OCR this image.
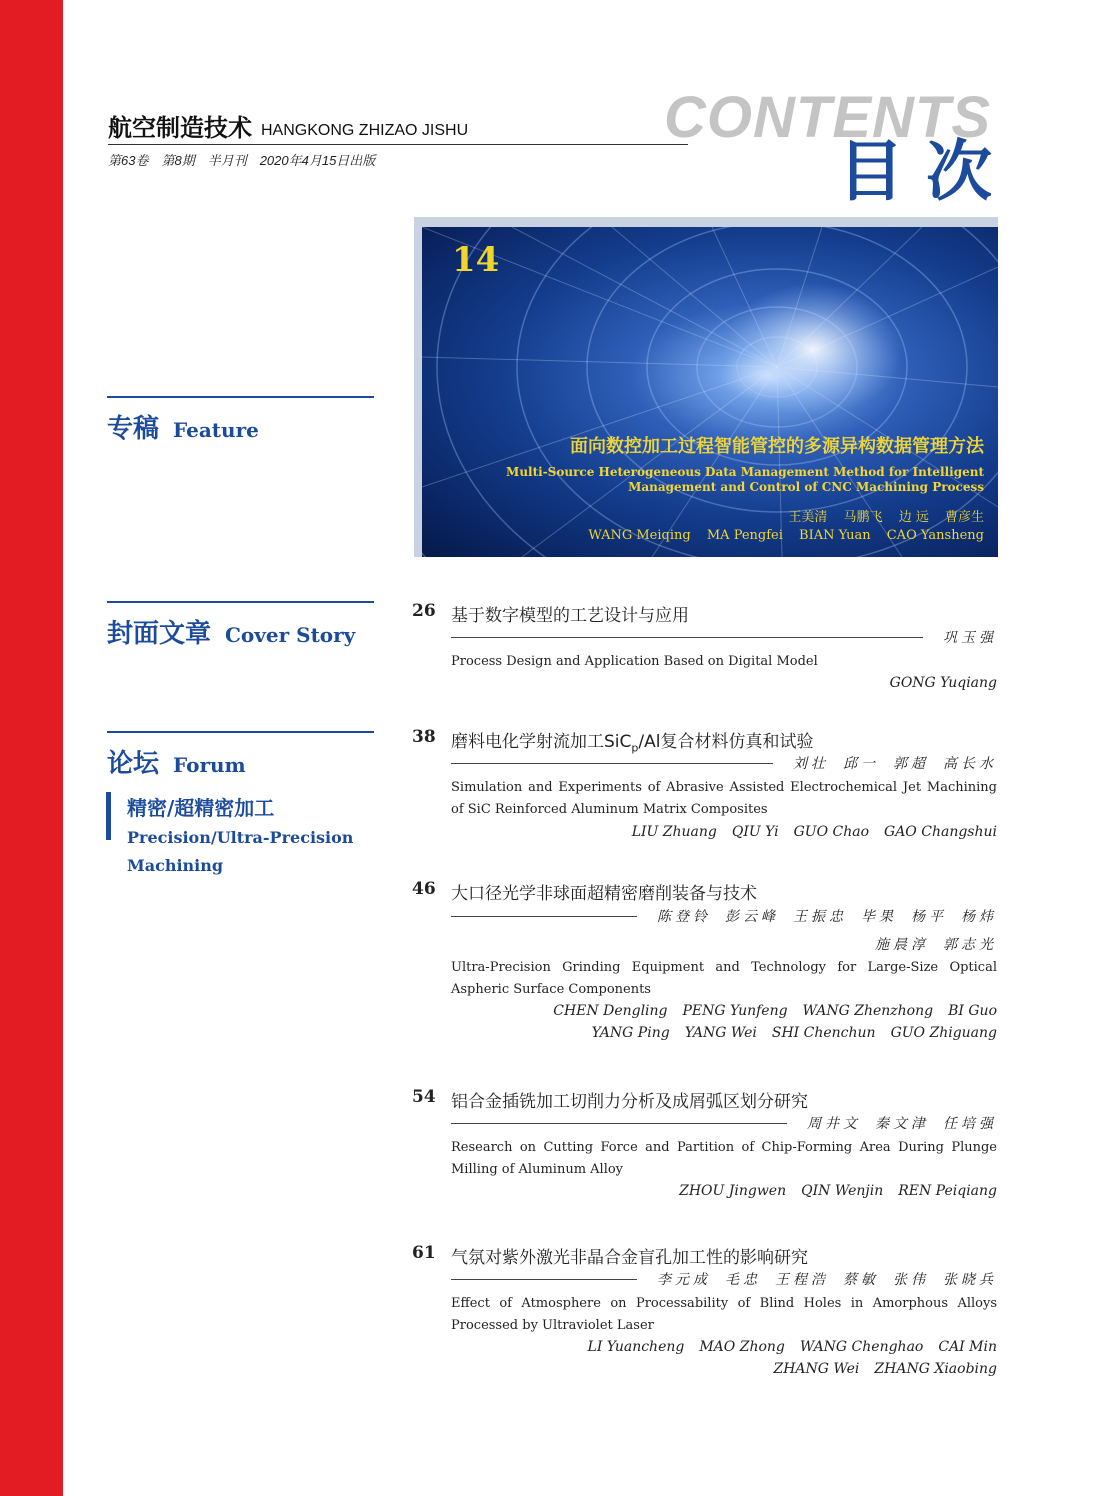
航空制造技术 HANGKONG ZHIZAO JISHU
第63卷　第8期　半月刊　2020年4月15日出版
CONTENTS
目次
专稿 Feature
封面文章 Cover Story
论坛 Forum
精密/超精密加工
Precision/Ultra-Precision Machining
14
面向数控加工过程智能管控的多源异构数据管理方法
Multi-Source Heterogeneous Data Management Method for Intelligent Management and Control of CNC Machining Process
王美清 马鹏飞 边 远 曹彦生
WANG Meiqing MA Pengfei BIAN Yuan CAO Yansheng
26 基于数字模型的工艺设计与应用
巩玉强
Process Design and Application Based on Digital Model
GONG Yuqiang
38 磨料电化学射流加工SiC$_p$/Al复合材料仿真和试验
刘壮 邱一 郭超 高长水
Simulation and Experiments of Abrasive Assisted Electrochemical Jet Machining of SiC Reinforced Aluminum Matrix Composites
LIU Zhuang QIU Yi GUO Chao GAO Changshui
46 大口径光学非球面超精密磨削装备与技术
陈登铃 彭云峰 王振忠 毕果 杨平 杨炜
施晨淳 郭志光
Ultra-Precision Grinding Equipment and Technology for Large-Size Optical Aspheric Surface Components
CHEN Dengling PENG Yunfeng WANG Zhenzhong BI Guo
YANG Ping YANG Wei SHI Chenchun GUO Zhiguang
54 铝合金插铣加工切削力分析及成屑弧区划分研究
周井文 秦文津 任培强
Research on Cutting Force and Partition of Chip-Forming Area During Plunge Milling of Aluminum Alloy
ZHOU Jingwen QIN Wenjin REN Peiqiang
61 气氛对紫外激光非晶合金盲孔加工性的影响研究
李元成 毛忠 王程浩 蔡敏 张伟 张晓兵
Effect of Atmosphere on Processability of Blind Holes in Amorphous Alloys Processed by Ultraviolet Laser
LI Yuancheng MAO Zhong WANG Chenghao CAI Min
ZHANG Wei ZHANG Xiaobing
